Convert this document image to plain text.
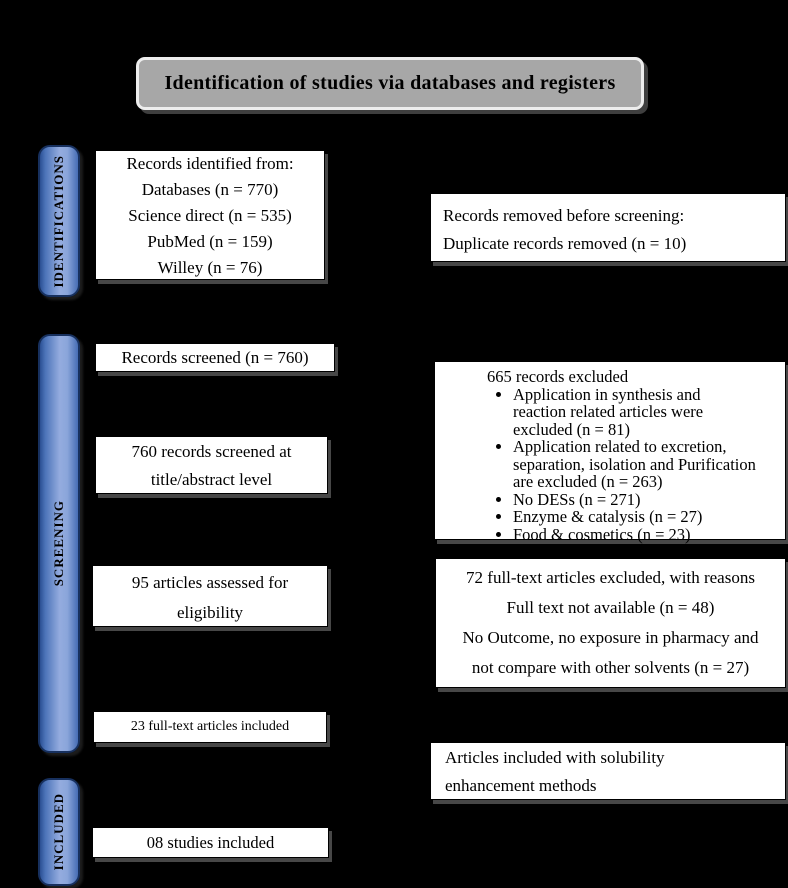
Identification of studies via databases and registers
IDENTIFICATIONS
SCREENING
INCLUDED
Records identified from:
Databases (n = 770)
Science direct (n = 535)
PubMed (n = 159)
Willey (n = 76)
Records screened (n = 760)
760 records screened at
title/abstract level
95 articles assessed for
eligibility
23 full-text articles included
08 studies included
Records removed before screening:
Duplicate records removed (n = 10)
665 records excluded
• Application in synthesis and
reaction related articles were
excluded (n = 81)
• Application related to excretion,
separation, isolation and Purification
are excluded (n = 263)
• No DESs (n = 271)
• Enzyme & catalysis (n = 27)
• Food & cosmetics (n = 23)
72 full-text articles excluded, with reasons
Full text not available (n = 48)
No Outcome, no exposure in pharmacy and
not compare with other solvents (n = 27)
Articles included with solubility
enhancement methods
